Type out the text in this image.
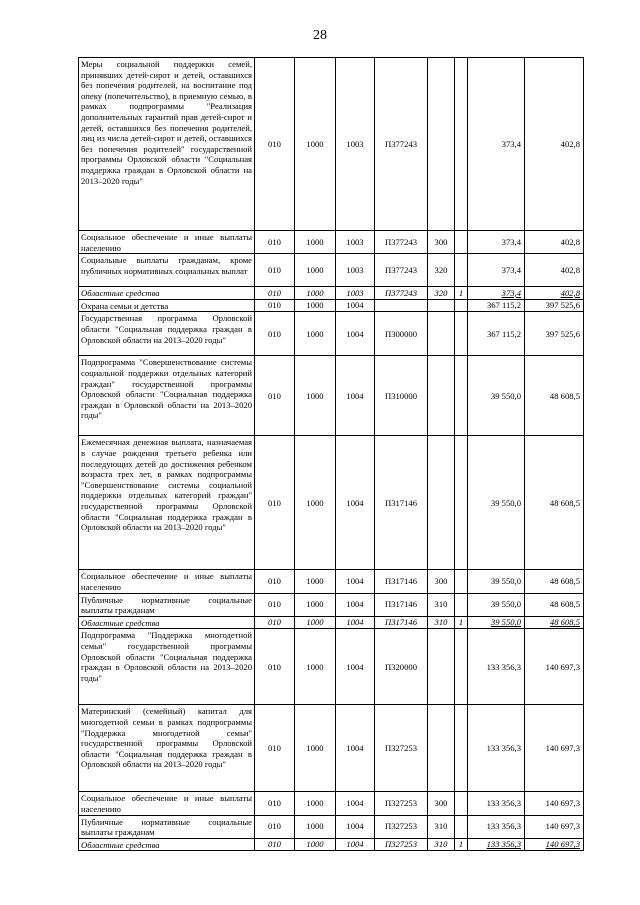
28
Меры социальной поддержки семей, принявших детей-сирот и детей, оставшихся без попечения родителей, на воспитание под опеку (попечительство), в приемную семью, в рамках подпрограммы "Реализация дополнительных гарантий прав детей-сирот и детей, оставшихся без попечения родителей, лиц из числа детей-сирот и детей, оставшихся без попечения родителей" государственной программы Орловской области "Социальная поддержка граждан в Орловской области на 2013–2020 годы"	010	1000	1003	П377243			373,4	402,8
Социальное обеспечение и иные выплаты населению	010	1000	1003	П377243	300		373,4	402,8
Социальные выплаты гражданам, кроме публичных нормативных социальных выплат	010	1000	1003	П377243	320		373,4	402,8
Областные средства	010	1000	1003	П377243	320	1	373,4	402,8
Охрана семьи и детства	010	1000	1004				367 115,2	397 525,6
Государственная программа Орловской области "Социальная поддержка граждан в Орловской области на 2013–2020 годы"	010	1000	1004	П300000			367 115,2	397 525,6
Подпрограмма "Совершенствование системы социальной поддержки отдельных категорий граждан" государственной программы Орловской области "Социальная поддержка граждан в Орловской области на 2013–2020 годы"	010	1000	1004	П310000			39 550,0	48 608,5
Ежемесячная денежная выплата, назначаемая в случае рождения третьего ребенка или последующих детей до достижения ребенком возраста трех лет, в рамках подпрограммы "Совершенствование системы социальной поддержки отдельных категорий граждан" государственной программы Орловской области "Социальная поддержка граждан в Орловской области на 2013–2020 годы"	010	1000	1004	П317146			39 550,0	48 608,5
Социальное обеспечение и иные выплаты населению	010	1000	1004	П317146	300		39 550,0	48 608,5
Публичные нормативные социальные выплаты гражданам	010	1000	1004	П317146	310		39 550,0	48 608,5
Областные средства	010	1000	1004	П317146	310	1	39 550,0	48 608,5
Подпрограмма "Поддержка многодетной семьи" государственной программы Орловской области "Социальная поддержка граждан в Орловской области на 2013–2020 годы"	010	1000	1004	П320000			133 356,3	140 697,3
Материнский (семейный) капитал для многодетной семьи в рамках подпрограммы "Поддержка многодетной семьи" государственной программы Орловской области "Социальная поддержка граждан в Орловской области на 2013–2020 годы"	010	1000	1004	П327253			133 356,3	140 697,3
Социальное обеспечение и иные выплаты населению	010	1000	1004	П327253	300		133 356,3	140 697,3
Публичные нормативные социальные выплаты гражданам	010	1000	1004	П327253	310		133 356,3	140 697,3
Областные средства	010	1000	1004	П327253	310	1	133 356,3	140 697,3
